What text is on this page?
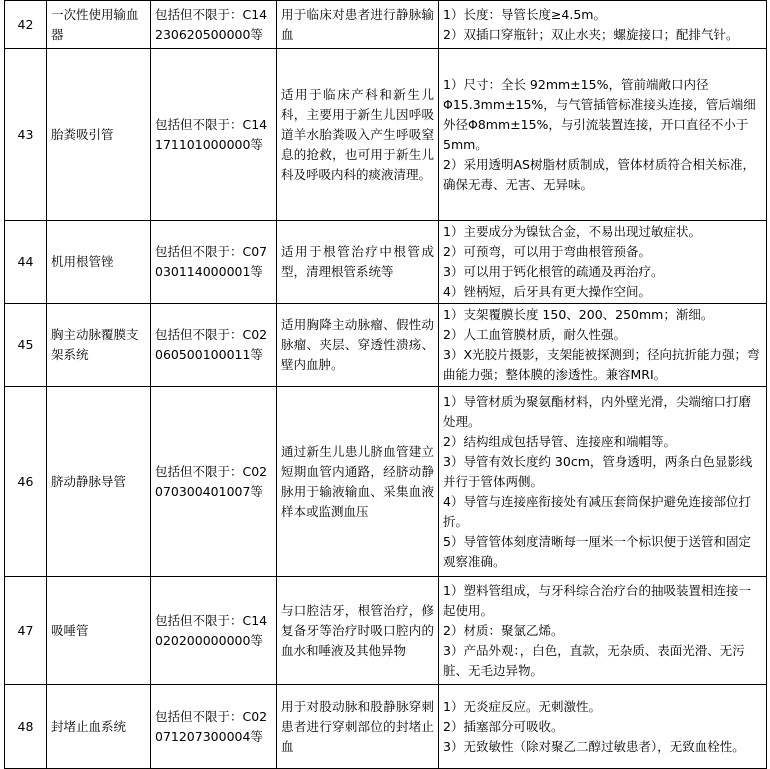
42	一次性使用输血器	包括但不限于：C14230620500000等	用于临床对患者进行静脉输血	1）长度：导管长度≥4.5m。
2）双插口穿瓶针；双止水夹；螺旋接口；配排气针。

43	胎粪吸引管	包括但不限于：C14171101000000等	适用于临床产科和新生儿科，主要用于新生儿因呼吸道羊水胎粪吸入产生呼吸窒息的抢救，也可用于新生儿科及呼吸内科的痰液清理。	1）尺寸：全长 92mm±15%，管前端敞口内径Φ15.3mm±15%，与气管插管标准接头连接，管后端细外径Φ8mm±15%，与引流装置连接，开口直径不小于5mm。
2）采用透明AS树脂材质制成，管体材质符合相关标准，确保无毒、无害、无异味。

44	机用根管锉	包括但不限于：C07030114000001等	适用于根管治疗中根管成型，清理根管系统等	1）主要成分为镍钛合金，不易出现过敏症状。
2）可预弯，可以用于弯曲根管预备。
3）可以用于钙化根管的疏通及再治疗。
4）锉柄短，后牙具有更大操作空间。

45	胸主动脉覆膜支架系统	包括但不限于：C02060500100011等	适用胸降主动脉瘤、假性动脉瘤、夹层、穿透性溃疡、壁内血肿。	1）支架覆膜长度 150、200、250mm；渐细。
2）人工血管膜材质，耐久性强。
3）X光胶片摄影，支架能被探测到；径向抗折能力强；弯曲能力强；整体膜的渗透性。兼容MRI。

46	脐动静脉导管	包括但不限于：C02070300401007等	通过新生儿患儿脐血管建立短期血管内通路，经脐动静脉用于输液输血、采集血液样本或监测血压	1）导管材质为聚氨酯材料，内外壁光滑，尖端缩口打磨处理。
2）结构组成包括导管、连接座和端帽等。
3）导管有效长度约 30cm，管身透明，两条白色显影线并行于管体两侧。
4）导管与连接座衔接处有减压套筒保护避免连接部位打折。
5）导管管体刻度清晰每一厘米一个标识便于送管和固定观察准确。

47	吸唾管	包括但不限于：C14020200000000等	与口腔洁牙，根管治疗，修复备牙等治疗时吸口腔内的血水和唾液及其他异物	1）塑料管组成，与牙科综合治疗台的抽吸装置相连接一起使用。
2）材质：聚氯乙烯。
3）产品外观：，白色，直款，无杂质、表面光滑、无污脏、无毛边异物。

48	封堵止血系统	包括但不限于：C02071207300004等	用于对股动脉和股静脉穿刺患者进行穿刺部位的封堵止血	1）无炎症反应。无刺激性。
2）插塞部分可吸收。
3）无致敏性（除对聚乙二醇过敏患者），无致血栓性。
